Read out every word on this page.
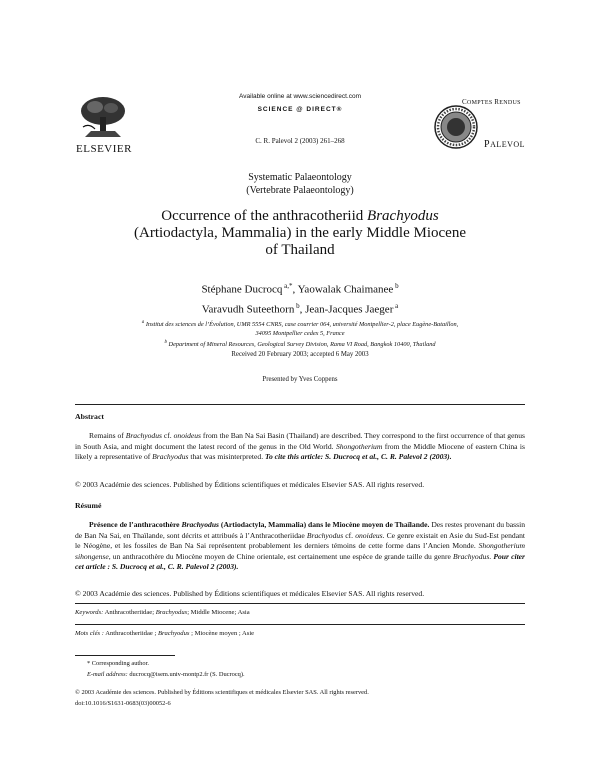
ELSEVIER
Available online at www.sciencedirect.com
SCIENCE @ DIRECT®
C. R. Palevol 2 (2003) 261–268
COMPTES RENDUS
PALEVOL
Systematic Palaeontology
(Vertebrate Palaeontology)
Occurrence of the anthracotheriid Brachyodus
(Artiodactyla, Mammalia) in the early Middle Miocene
of Thailand
Stéphane Ducrocq $^{a,*}$, Yaowalak Chaimanee $^b$
Varavudh Suteethorn $^b$, Jean-Jacques Jaeger $^a$
$^a$ Institut des sciences de l’Évolution, UMR 5554 CNRS, case courrier 064, université Montpellier-2, place Eugène-Bataillon,
34095 Montpellier cedex 5, France
$^b$ Department of Mineral Resources, Geological Survey Division, Rama VI Road, Bangkok 10400, Thailand
Received 20 February 2003; accepted 6 May 2003
Presented by Yves Coppens
Abstract
Remains of Brachyodus cf. onoideus from the Ban Na Sai Basin (Thailand) are described. They correspond to the first occurrence of that genus in South Asia, and might document the latest record of the genus in the Old World. Shongotherium from the Middle Miocene of eastern China is likely a representative of Brachyodus that was misinterpreted. To cite this article: S. Ducrocq et al., C. R. Palevol 2 (2003).
© 2003 Académie des sciences. Published by Éditions scientifiques et médicales Elsevier SAS. All rights reserved.
Résumé
Présence de l’anthracothère Brachyodus (Artiodactyla, Mammalia) dans le Miocène moyen de Thaïlande. Des restes provenant du bassin de Ban Na Sai, en Thaïlande, sont décrits et attribués à l’Anthracotheriidae Brachyodus cf. onoideus. Ce genre existait en Asie du Sud-Est pendant le Néogène, et les fossiles de Ban Na Sai représentent probablement les derniers témoins de cette forme dans l’Ancien Monde. Shongotherium sihongense, un anthracothère du Miocène moyen de Chine orientale, est certainement une espèce de grande taille du genre Brachyodus. Pour citer cet article : S. Ducrocq et al., C. R. Palevol 2 (2003).
© 2003 Académie des sciences. Published by Éditions scientifiques et médicales Elsevier SAS. All rights reserved.
Keywords: Anthracotheriidae; Brachyodus; Middle Miocene; Asia
Mots clés : Anthracotheriidae ; Brachyodus ; Miocène moyen ; Asie
* Corresponding author.
E-mail address: ducrocq@isem.univ-montp2.fr (S. Ducrocq).
© 2003 Académie des sciences. Published by Éditions scientifiques et médicales Elsevier SAS. All rights reserved.
doi:10.1016/S1631-0683(03)00052-6
